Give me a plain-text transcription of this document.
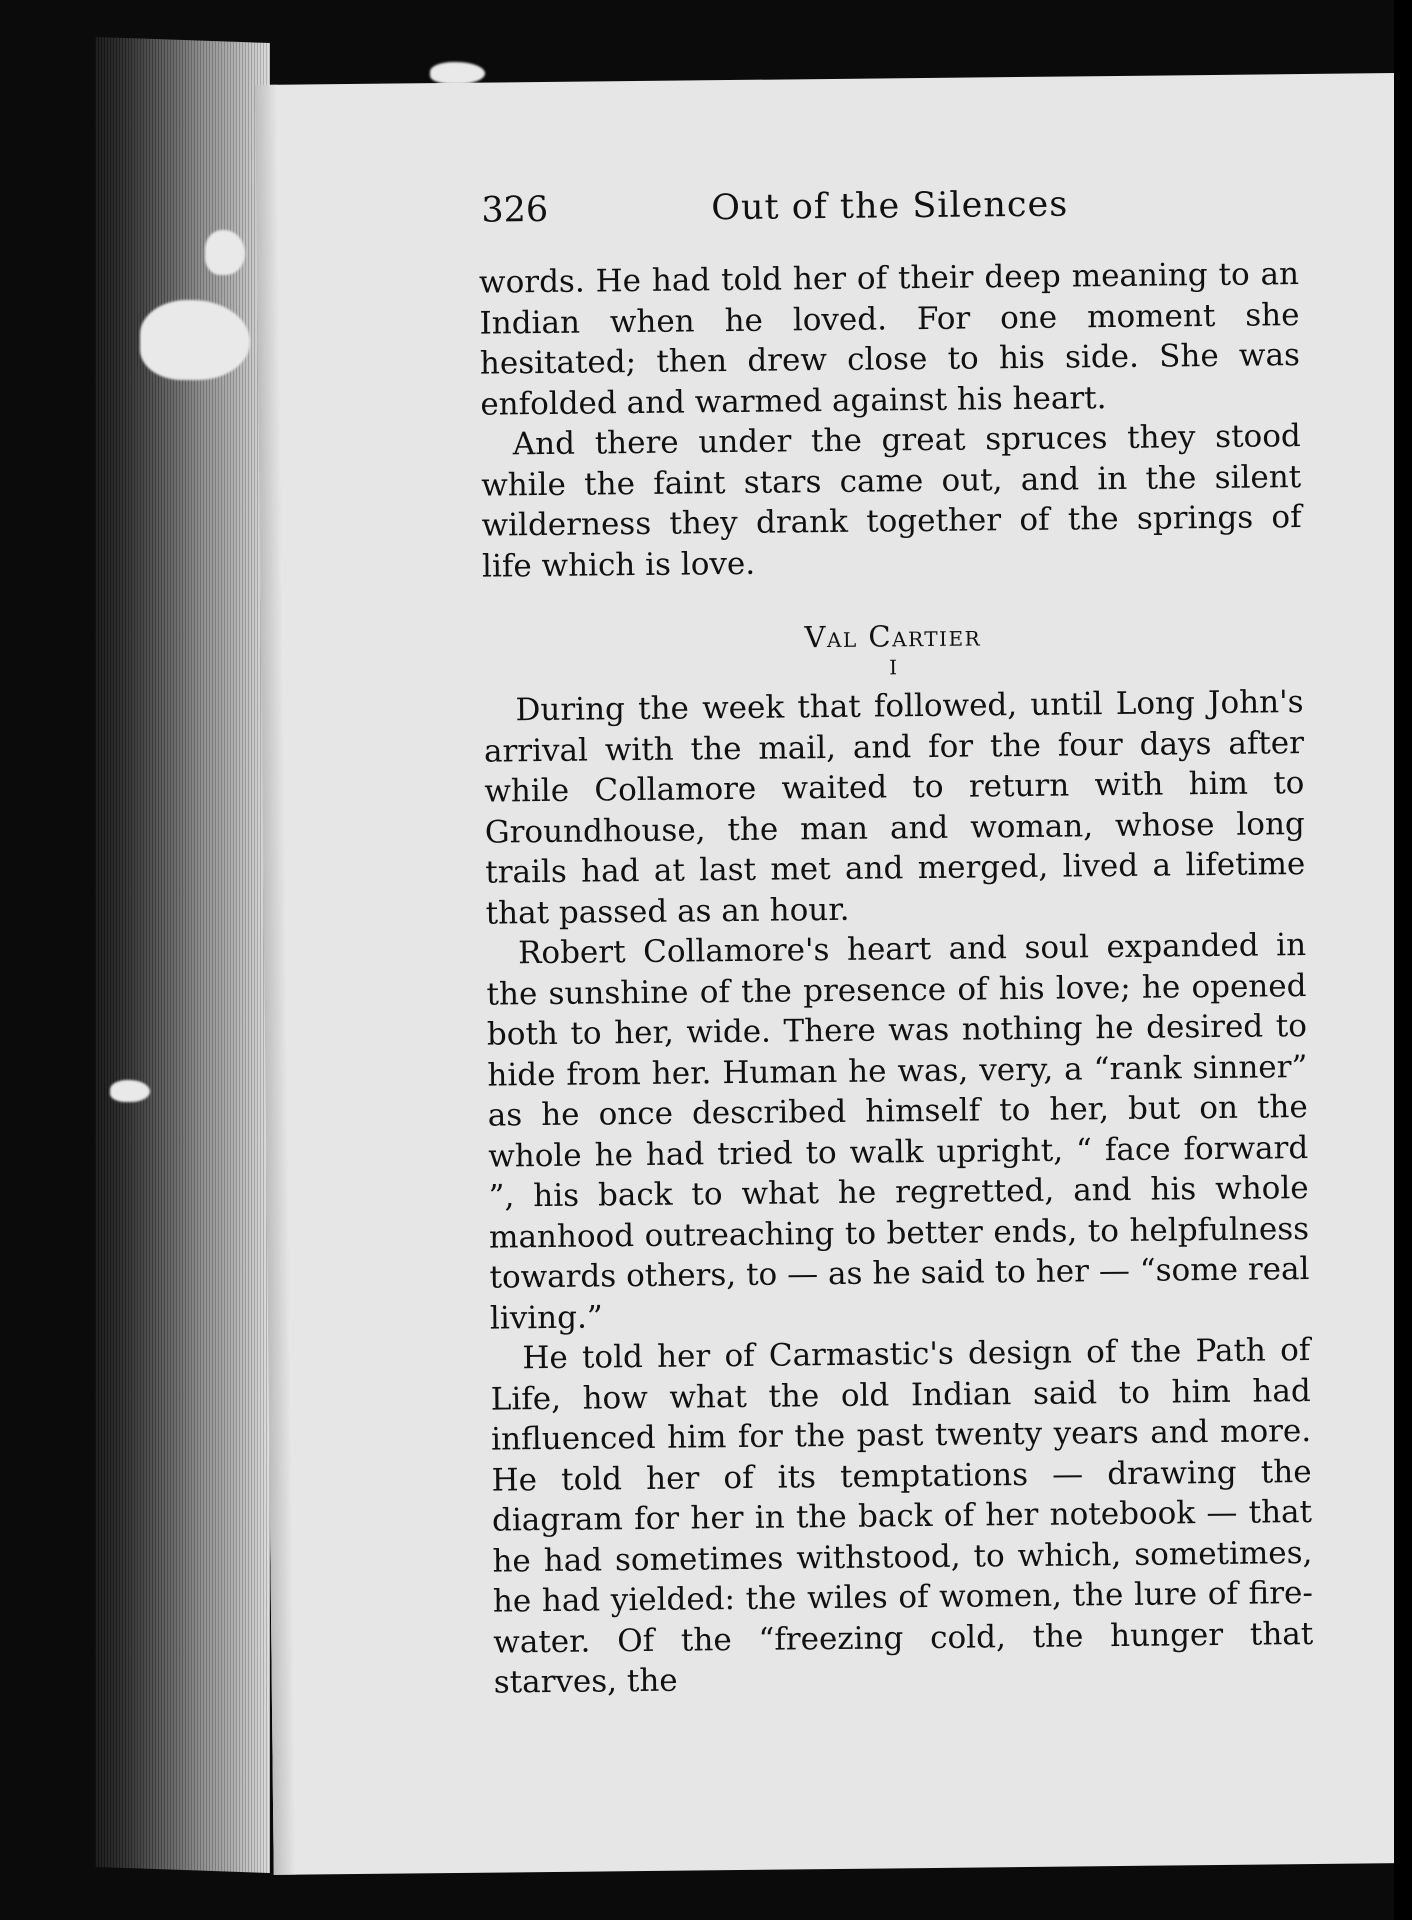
326	Out of the Silences

words. He had told her of their deep meaning to an Indian when he loved. For one moment she hesitated; then drew close to his side. She was enfolded and warmed against his heart.

And there under the great spruces they stood while the faint stars came out, and in the silent wilderness they drank together of the springs of life which is love.

Val Cartier
I

During the week that followed, until Long John's arrival with the mail, and for the four days after while Collamore waited to return with him to Groundhouse, the man and woman, whose long trails had at last met and merged, lived a lifetime that passed as an hour.

Robert Collamore's heart and soul expanded in the sunshine of the presence of his love; he opened both to her, wide. There was nothing he desired to hide from her. Human he was, very, a “rank sinner” as he once described himself to her, but on the whole he had tried to walk upright, “ face forward ”, his back to what he regretted, and his whole manhood outreaching to better ends, to helpfulness towards others, to — as he said to her — “some real living.”

He told her of Carmastic's design of the Path of Life, how what the old Indian said to him had influenced him for the past twenty years and more. He told her of its temptations — drawing the diagram for her in the back of her notebook — that he had sometimes withstood, to which, sometimes, he had yielded: the wiles of women, the lure of fire-water. Of the “freezing cold, the hunger that starves, the
